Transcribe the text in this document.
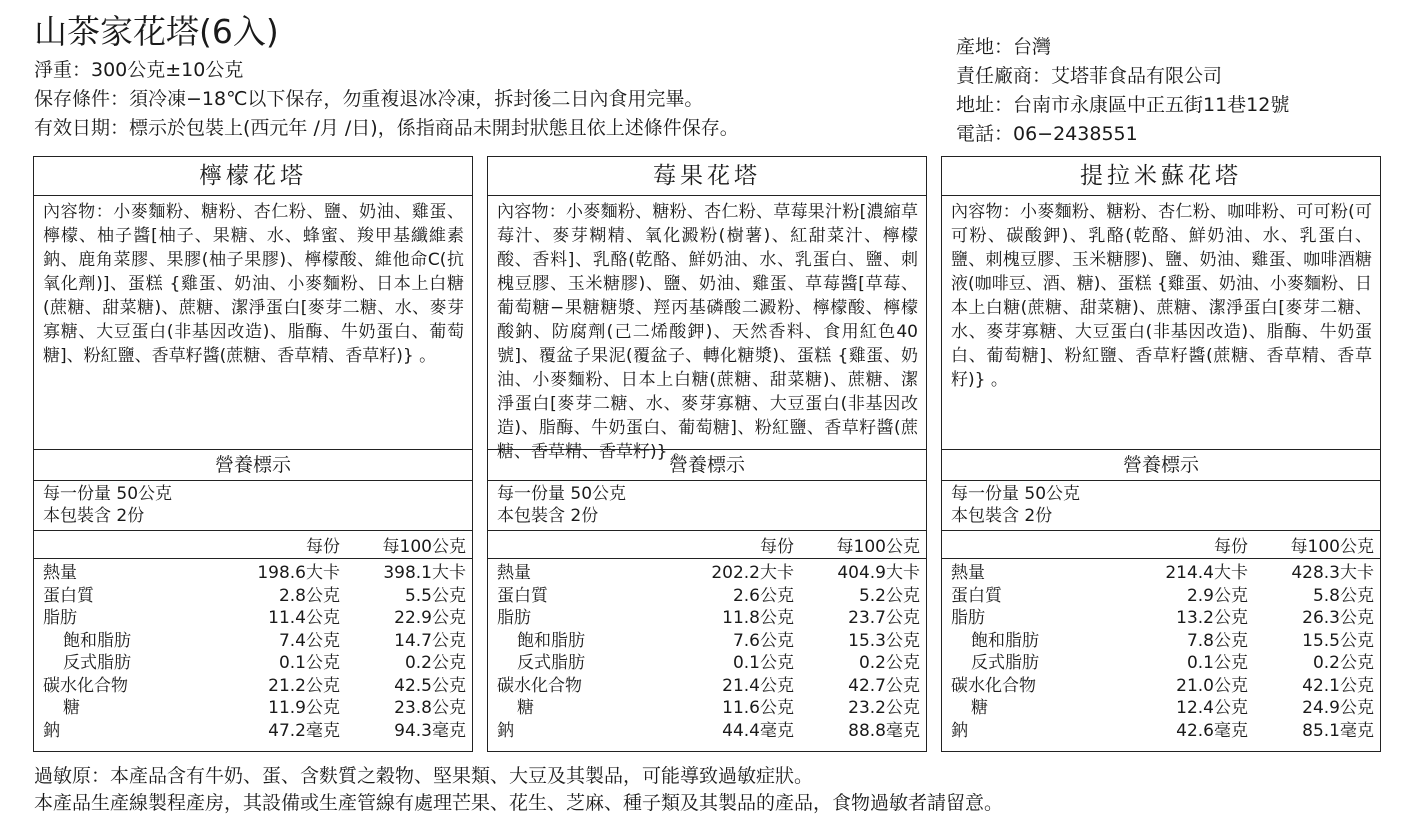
山茶家花塔(6入)
淨重：300公克±10公克
保存條件：須冷凍−18℃以下保存，勿重複退冰冷凍，拆封後二日內食用完畢。
有效日期：標示於包裝上(西元年 /月 /日)，係指商品未開封狀態且依上述條件保存。
產地：台灣
責任廠商：艾塔菲食品有限公司
地址：台南市永康區中正五街11巷12號
電話：06−2438551
檸檬花塔
內容物：小麥麵粉、糖粉、杏仁粉、鹽、奶油、雞蛋、檸檬、柚子醬[柚子、果糖、水、蜂蜜、羧甲基纖維素鈉、鹿角菜膠、果膠(柚子果膠)、檸檬酸、維他命C(抗氧化劑)]、蛋糕 {雞蛋、奶油、小麥麵粉、日本上白糖(蔗糖、甜菜糖)、蔗糖、潔淨蛋白[麥芽二糖、水、麥芽寡糖、大豆蛋白(非基因改造)、脂酶、牛奶蛋白、葡萄糖]、粉紅鹽、香草籽醬(蔗糖、香草精、香草籽)} 。
營養標示
每一份量 50公克
本包裝含 2份
每份	每100公克
熱量	198.6大卡	398.1大卡
蛋白質	2.8公克	5.5公克
脂肪	11.4公克	22.9公克
飽和脂肪	7.4公克	14.7公克
反式脂肪	0.1公克	0.2公克
碳水化合物	21.2公克	42.5公克
糖	11.9公克	23.8公克
鈉	47.2毫克	94.3毫克
莓果花塔
內容物：小麥麵粉、糖粉、杏仁粉、草莓果汁粉[濃縮草莓汁、麥芽糊精、氧化澱粉(樹薯)、紅甜菜汁、檸檬酸、香料]、乳酪(乾酪、鮮奶油、水、乳蛋白、鹽、刺槐豆膠、玉米糖膠)、鹽、奶油、雞蛋、草莓醬[草莓、葡萄糖−果糖糖漿、羥丙基磷酸二澱粉、檸檬酸、檸檬酸鈉、防腐劑(己二烯酸鉀)、天然香料、食用紅色40號]、覆盆子果泥(覆盆子、轉化糖漿)、蛋糕 {雞蛋、奶油、小麥麵粉、日本上白糖(蔗糖、甜菜糖)、蔗糖、潔淨蛋白[麥芽二糖、水、麥芽寡糖、大豆蛋白(非基因改造)、脂酶、牛奶蛋白、葡萄糖]、粉紅鹽、香草籽醬(蔗糖、香草精、香草籽)} 。
營養標示
每一份量 50公克
本包裝含 2份
每份	每100公克
熱量	202.2大卡	404.9大卡
蛋白質	2.6公克	5.2公克
脂肪	11.8公克	23.7公克
飽和脂肪	7.6公克	15.3公克
反式脂肪	0.1公克	0.2公克
碳水化合物	21.4公克	42.7公克
糖	11.6公克	23.2公克
鈉	44.4毫克	88.8毫克
提拉米蘇花塔
內容物：小麥麵粉、糖粉、杏仁粉、咖啡粉、可可粉(可可粉、碳酸鉀)、乳酪(乾酪、鮮奶油、水、乳蛋白、鹽、刺槐豆膠、玉米糖膠)、鹽、奶油、雞蛋、咖啡酒糖液(咖啡豆、酒、糖)、蛋糕 {雞蛋、奶油、小麥麵粉、日本上白糖(蔗糖、甜菜糖)、蔗糖、潔淨蛋白[麥芽二糖、水、麥芽寡糖、大豆蛋白(非基因改造)、脂酶、牛奶蛋白、葡萄糖]、粉紅鹽、香草籽醬(蔗糖、香草精、香草籽)} 。
營養標示
每一份量 50公克
本包裝含 2份
每份	每100公克
熱量	214.4大卡	428.3大卡
蛋白質	2.9公克	5.8公克
脂肪	13.2公克	26.3公克
飽和脂肪	7.8公克	15.5公克
反式脂肪	0.1公克	0.2公克
碳水化合物	21.0公克	42.1公克
糖	12.4公克	24.9公克
鈉	42.6毫克	85.1毫克
過敏原：本產品含有牛奶、蛋、含麩質之穀物、堅果類、大豆及其製品，可能導致過敏症狀。
本產品生產線製程產房，其設備或生產管線有處理芒果、花生、芝麻、種子類及其製品的產品，食物過敏者請留意。
